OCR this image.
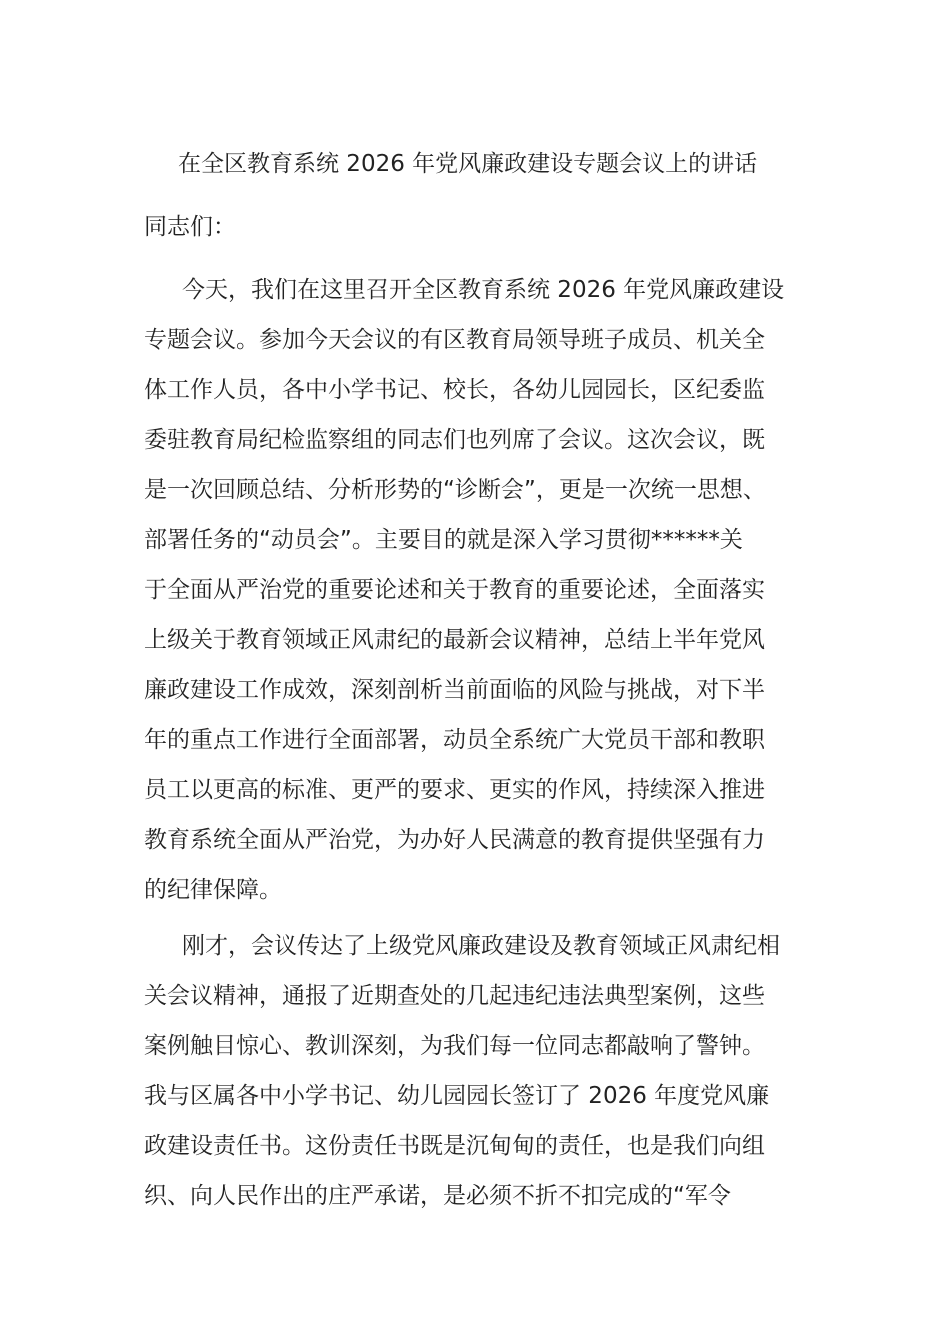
在全区教育系统 2026 年党风廉政建设专题会议上的讲话
同志们：
今天，我们在这里召开全区教育系统 2026 年党风廉政建设
专题会议。参加今天会议的有区教育局领导班子成员、机关全
体工作人员，各中小学书记、校长，各幼儿园园长，区纪委监
委驻教育局纪检监察组的同志们也列席了会议。这次会议，既
是一次回顾总结、分析形势的“诊断会”，更是一次统一思想、
部署任务的“动员会”。主要目的就是深入学习贯彻******关
于全面从严治党的重要论述和关于教育的重要论述，全面落实
上级关于教育领域正风肃纪的最新会议精神，总结上半年党风
廉政建设工作成效，深刻剖析当前面临的风险与挑战，对下半
年的重点工作进行全面部署，动员全系统广大党员干部和教职
员工以更高的标准、更严的要求、更实的作风，持续深入推进
教育系统全面从严治党，为办好人民满意的教育提供坚强有力
的纪律保障。
刚才，会议传达了上级党风廉政建设及教育领域正风肃纪相
关会议精神，通报了近期查处的几起违纪违法典型案例，这些
案例触目惊心、教训深刻，为我们每一位同志都敲响了警钟。
我与区属各中小学书记、幼儿园园长签订了 2026 年度党风廉
政建设责任书。这份责任书既是沉甸甸的责任，也是我们向组
织、向人民作出的庄严承诺，是必须不折不扣完成的“军令
